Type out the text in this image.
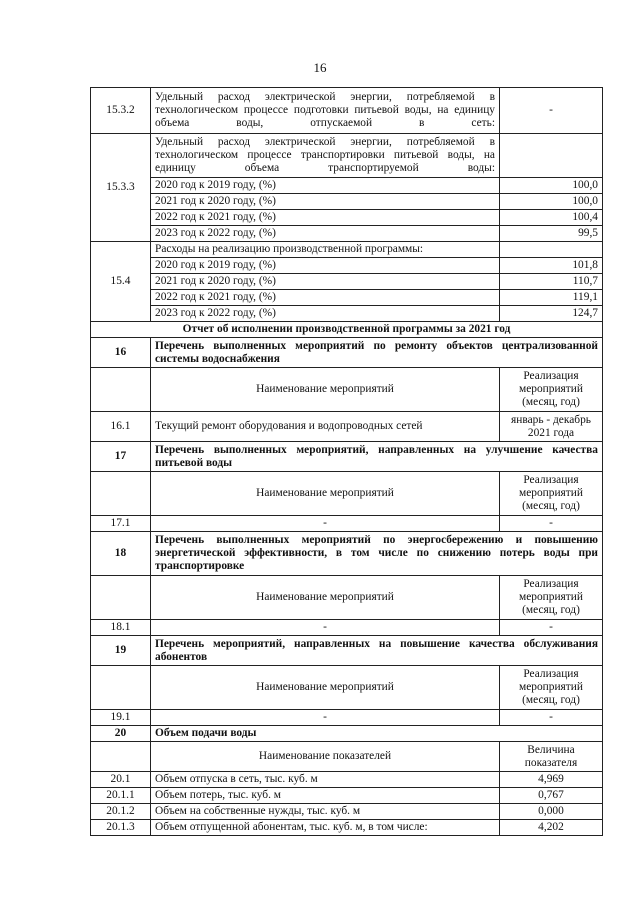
16
15.3.2	Удельный расход электрической энергии, потребляемой в технологическом процессе подготовки питьевой воды, на единицу объема воды, отпускаемой в сеть:	-
15.3.3	Удельный расход электрической энергии, потребляемой в технологическом процессе транспортировки питьевой воды, на единицу объема транспортируемой воды:	
	2020 год к 2019 году, (%)	100,0
	2021 год к 2020 году, (%)	100,0
	2022 год к 2021 году, (%)	100,4
	2023 год к 2022 году, (%)	99,5
15.4	Расходы на реализацию производственной программы:	
	2020 год к 2019 году, (%)	101,8
	2021 год к 2020 году, (%)	110,7
	2022 год к 2021 году, (%)	119,1
	2023 год к 2022 году, (%)	124,7
Отчет об исполнении производственной программы за 2021 год		
16	Перечень выполненных мероприятий по ремонту объектов централизованной системы водоснабжения	
	Наименование мероприятий	Реализация мероприятий (месяц, год)
16.1	Текущий ремонт оборудования и водопроводных сетей	январь - декабрь 2021 года
17	Перечень выполненных мероприятий, направленных на улучшение качества питьевой воды	
	Наименование мероприятий	Реализация мероприятий (месяц, год)
17.1	-	-
18	Перечень выполненных мероприятий по энергосбережению и повышению энергетической эффективности, в том числе по снижению потерь воды при транспортировке	
	Наименование мероприятий	Реализация мероприятий (месяц, год)
18.1	-	-
19	Перечень мероприятий, направленных на повышение качества обслуживания абонентов	
	Наименование мероприятий	Реализация мероприятий (месяц, год)
19.1	-	-
20	Объем подачи воды	
	Наименование показателей	Величина показателя
20.1	Объем отпуска в сеть, тыс. куб. м	4,969
20.1.1	Объем потерь, тыс. куб. м	0,767
20.1.2	Объем на собственные нужды, тыс. куб. м	0,000
20.1.3	Объем отпущенной абонентам, тыс. куб. м, в том числе:	4,202
